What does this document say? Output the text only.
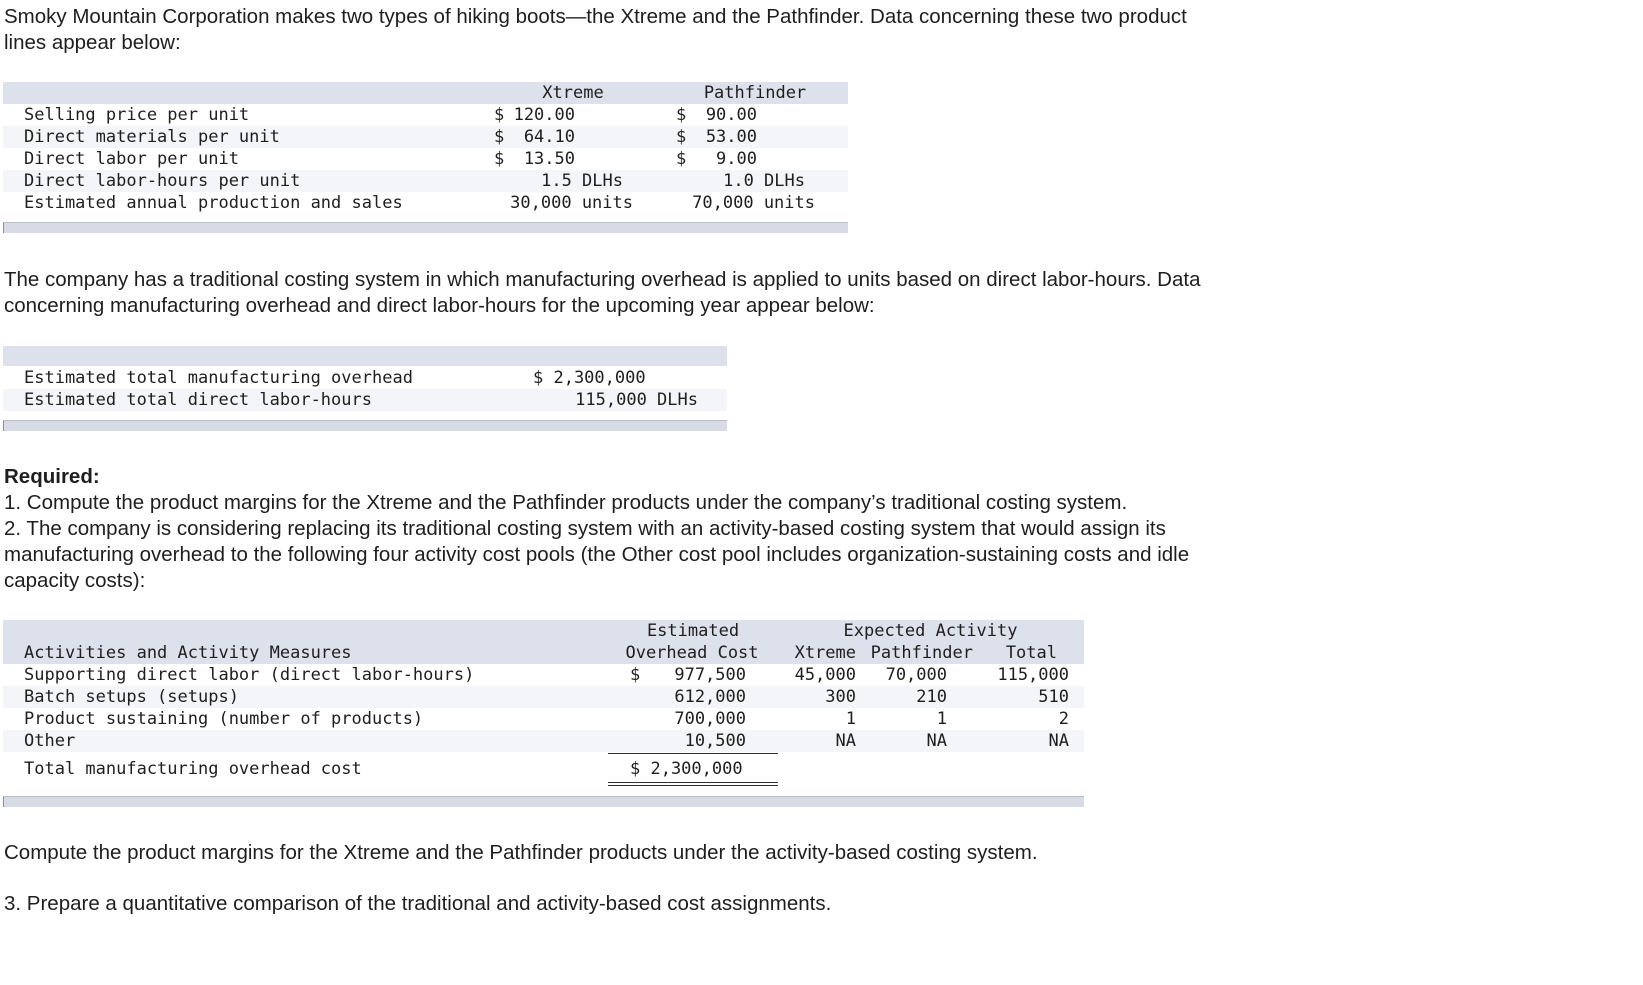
Smoky Mountain Corporation makes two types of hiking boots—the Xtreme and the Pathfinder. Data concerning these two product
lines appear below:
Xtreme	Pathfinder
Selling price per unit	$ 120.00	$	90.00
Direct materials per unit	$	64.10	$	53.00
Direct labor per unit	$	13.50	$	9.00
Direct labor-hours per unit	1.5 DLHs	1.0 DLHs
Estimated annual production and sales	30,000 units	70,000 units
The company has a traditional costing system in which manufacturing overhead is applied to units based on direct labor-hours. Data
concerning manufacturing overhead and direct labor-hours for the upcoming year appear below:
Estimated total manufacturing overhead	$ 2,300,000
Estimated total direct labor-hours	115,000 DLHs
Required:
1. Compute the product margins for the Xtreme and the Pathfinder products under the company’s traditional costing system.
2. The company is considering replacing its traditional costing system with an activity-based costing system that would assign its
manufacturing overhead to the following four activity cost pools (the Other cost pool includes organization-sustaining costs and idle
capacity costs):
Estimated	Expected Activity
Activities and Activity Measures	Overhead Cost	Xtreme Pathfinder	Total
Supporting direct labor (direct labor-hours)	$	977,500	45,000	70,000	115,000
Batch setups (setups)	612,000	300	210	510
Product sustaining (number of products)	700,000	1	1	2
Other	10,500	NA	NA	NA
Total manufacturing overhead cost	$ 2,300,000
Compute the product margins for the Xtreme and the Pathfinder products under the activity-based costing system.
3. Prepare a quantitative comparison of the traditional and activity-based cost assignments.
